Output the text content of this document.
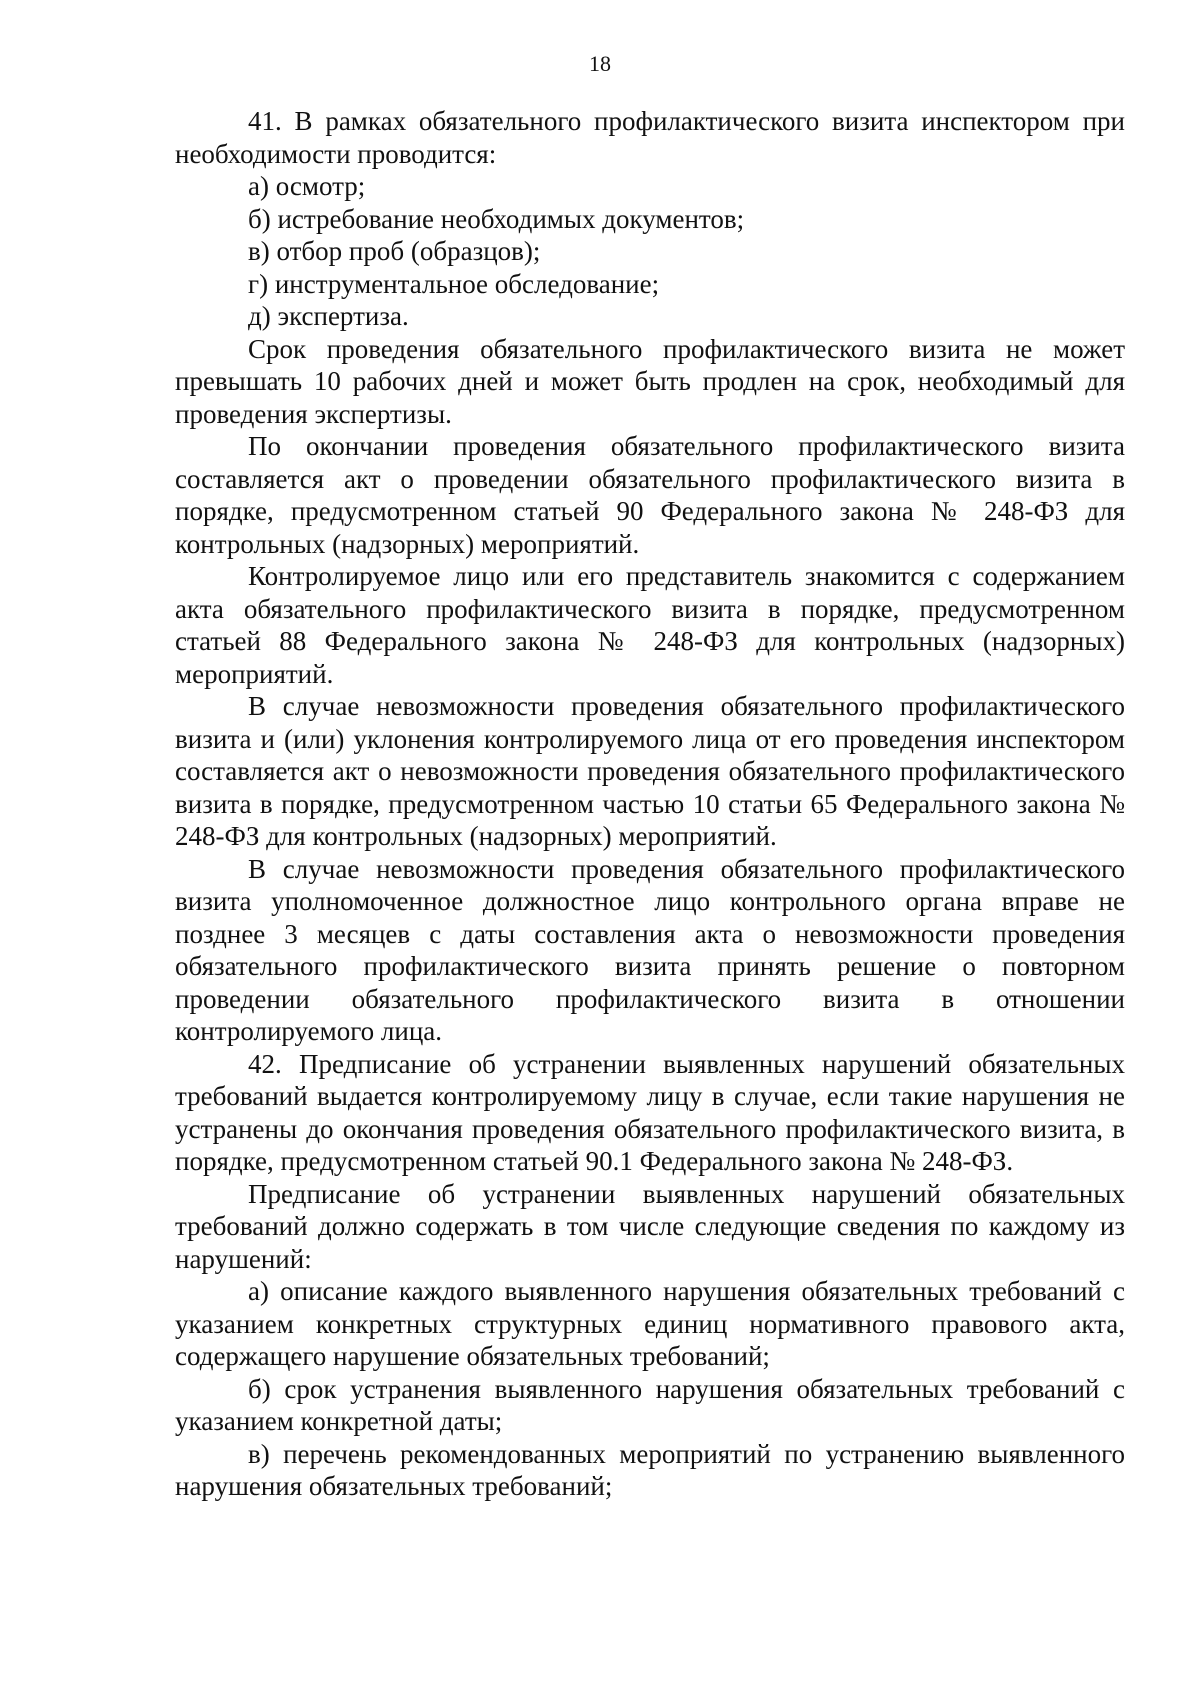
18

41. В рамках обязательного профилактического визита инспектором при необходимости проводится:

а) осмотр;

б) истребование необходимых документов;

в) отбор проб (образцов);

г) инструментальное обследование;

д) экспертиза.

Срок проведения обязательного профилактического визита не может превышать 10 рабочих дней и может быть продлен на срок, необходимый для проведения экспертизы.

По окончании проведения обязательного профилактического визита составляется акт о проведении обязательного профилактического визита в порядке, предусмотренном статьей 90 Федерального закона № 248-ФЗ для контрольных (надзорных) мероприятий.

Контролируемое лицо или его представитель знакомится с содержанием акта обязательного профилактического визита в порядке, предусмотренном статьей 88 Федерального закона № 248-ФЗ для контрольных (надзорных) мероприятий.

В случае невозможности проведения обязательного профилактического визита и (или) уклонения контролируемого лица от его проведения инспектором составляется акт о невозможности проведения обязательного профилактического визита в порядке, предусмотренном частью 10 статьи 65 Федерального закона № 248-ФЗ для контрольных (надзорных) мероприятий.

В случае невозможности проведения обязательного профилактического визита уполномоченное должностное лицо контрольного органа вправе не позднее 3 месяцев с даты составления акта о невозможности проведения обязательного профилактического визита принять решение о повторном проведении обязательного профилактического визита в отношении контролируемого лица.

42. Предписание об устранении выявленных нарушений обязательных требований выдается контролируемому лицу в случае, если такие нарушения не устранены до окончания проведения обязательного профилактического визита, в порядке, предусмотренном статьей 90.1 Федерального закона № 248-ФЗ.

Предписание об устранении выявленных нарушений обязательных требований должно содержать в том числе следующие сведения по каждому из нарушений:

а) описание каждого выявленного нарушения обязательных требований с указанием конкретных структурных единиц нормативного правового акта, содержащего нарушение обязательных требований;

б) срок устранения выявленного нарушения обязательных требований с указанием конкретной даты;

в) перечень рекомендованных мероприятий по устранению выявленного нарушения обязательных требований;
